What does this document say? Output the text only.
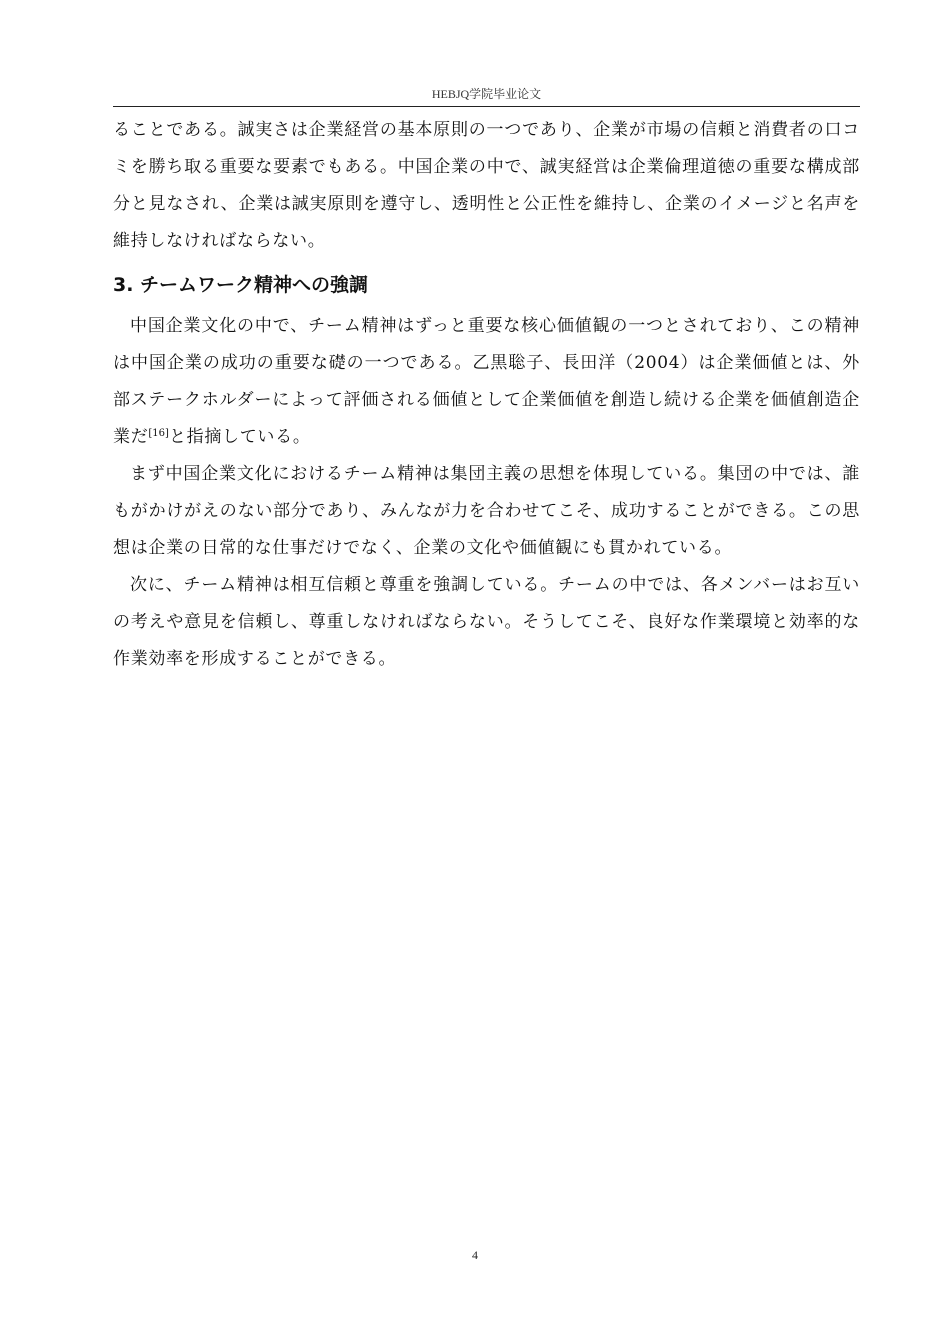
HEBJQ学院毕业论文

ることである。誠実さは企業経営の基本原則の一つであり、企業が市場の信頼と消費者の口コミを勝ち取る重要な要素でもある。中国企業の中で、誠実経営は企業倫理道徳の重要な構成部分と見なされ、企業は誠実原則を遵守し、透明性と公正性を維持し、企業のイメージと名声を維持しなければならない。

3. チームワーク精神への強調

中国企業文化の中で、チーム精神はずっと重要な核心価値観の一つとされており、この精神は中国企業の成功の重要な礎の一つである。乙黒聡子、長田洋（2004）は企業価値とは、外部ステークホルダーによって評価される価値として企業価値を創造し続ける企業を価値創造企業だ[16]と指摘している。

まず中国企業文化におけるチーム精神は集団主義の思想を体現している。集団の中では、誰もがかけがえのない部分であり、みんなが力を合わせてこそ、成功することができる。この思想は企業の日常的な仕事だけでなく、企業の文化や価値観にも貫かれている。

次に、チーム精神は相互信頼と尊重を強調している。チームの中では、各メンバーはお互いの考えや意見を信頼し、尊重しなければならない。そうしてこそ、良好な作業環境と効率的な作業効率を形成することができる。

4
